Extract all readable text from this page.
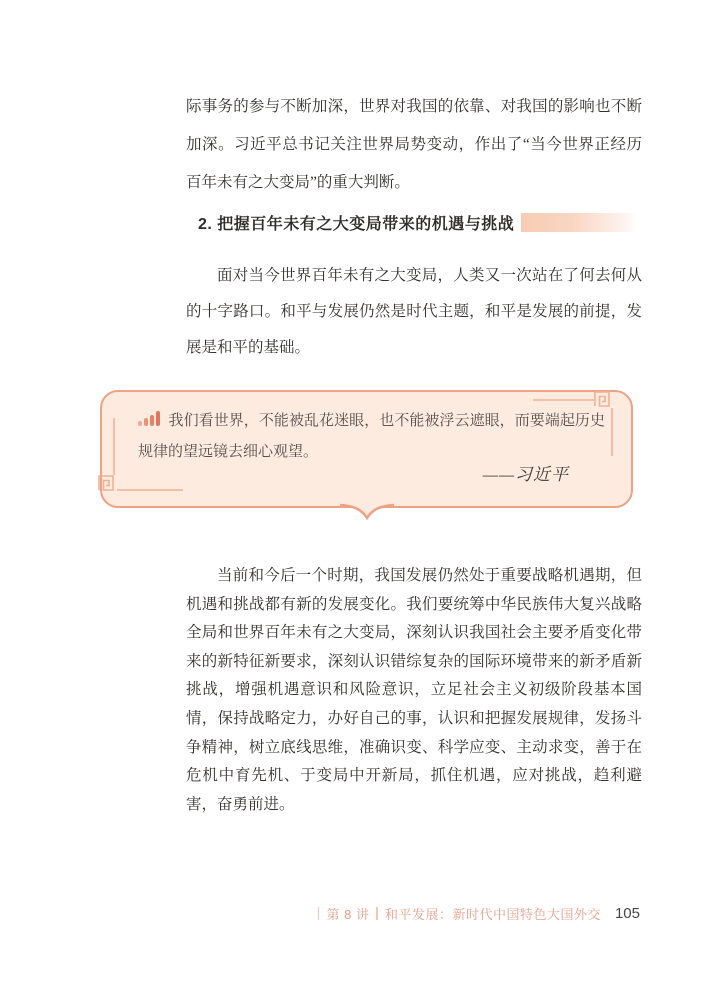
际事务的参与不断加深，世界对我国的依靠、对我国的影响也不断加深。习近平总书记关注世界局势变动，作出了“当今世界正经历百年未有之大变局”的重大判断。

2. 把握百年未有之大变局带来的机遇与挑战

面对当今世界百年未有之大变局，人类又一次站在了何去何从的十字路口。和平与发展仍然是时代主题，和平是发展的前提，发展是和平的基础。

我们看世界，不能被乱花迷眼，也不能被浮云遮眼，而要端起历史规律的望远镜去细心观望。
——习近平

当前和今后一个时期，我国发展仍然处于重要战略机遇期，但机遇和挑战都有新的发展变化。我们要统筹中华民族伟大复兴战略全局和世界百年未有之大变局，深刻认识我国社会主要矛盾变化带来的新特征新要求，深刻认识错综复杂的国际环境带来的新矛盾新挑战，增强机遇意识和风险意识，立足社会主义初级阶段基本国情，保持战略定力，办好自己的事，认识和把握发展规律，发扬斗争精神，树立底线思维，准确识变、科学应变、主动求变，善于在危机中育先机、于变局中开新局，抓住机遇，应对挑战，趋利避害，奋勇前进。

第 8 讲 和平发展：新时代中国特色大国外交 105
